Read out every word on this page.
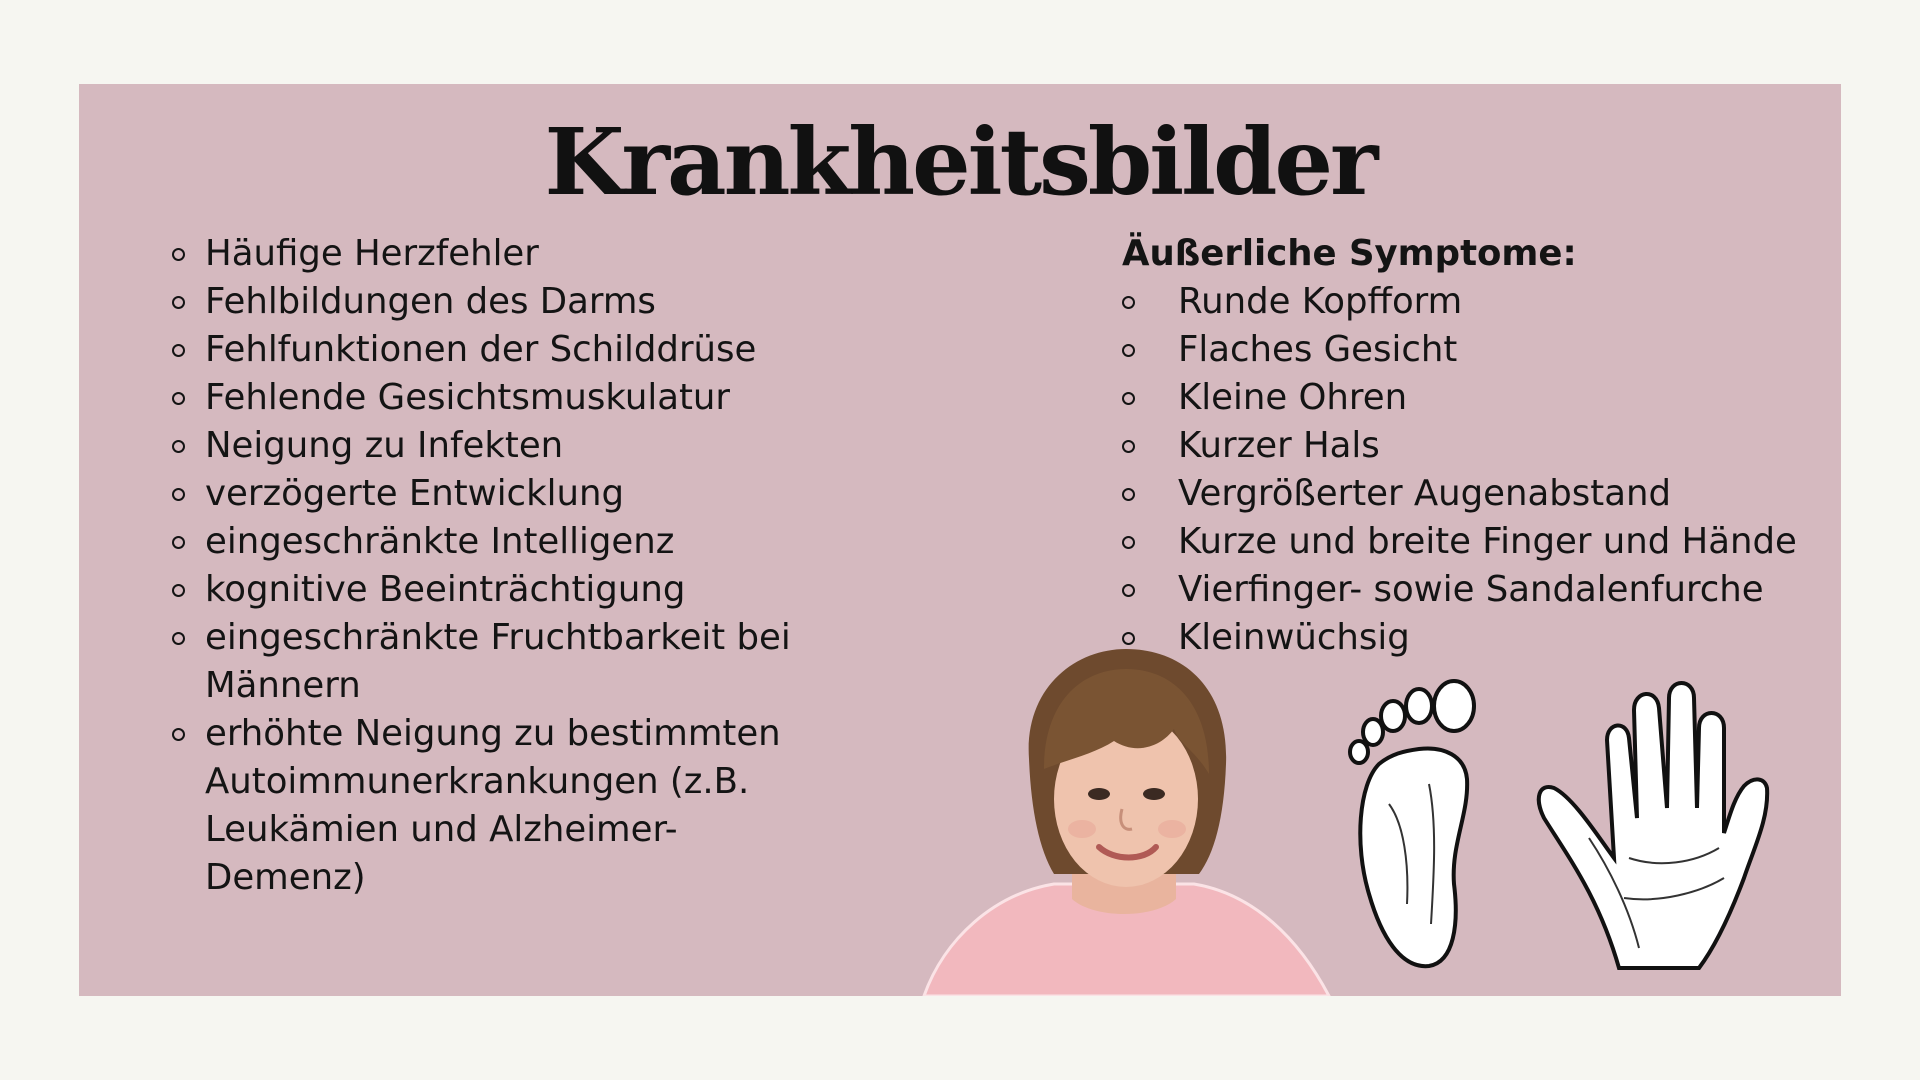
Krankheitsbilder
Häufige Herzfehler
Fehlbildungen des Darms
Fehlfunktionen der Schilddrüse
Fehlende Gesichtsmuskulatur
Neigung zu Infekten
verzögerte Entwicklung
eingeschränkte Intelligenz
kognitive Beeinträchtigung
eingeschränkte Fruchtbarkeit bei Männern
erhöhte Neigung zu bestimmten Autoimmunerkrankungen (z.B. Leukämien und Alzheimer-Demenz)
Äußerliche Symptome:
Runde Kopfform
Flaches Gesicht
Kleine Ohren
Kurzer Hals
Vergrößerter Augenabstand
Kurze und breite Finger und Hände
Vierfinger- sowie Sandalenfurche
Kleinwüchsig
